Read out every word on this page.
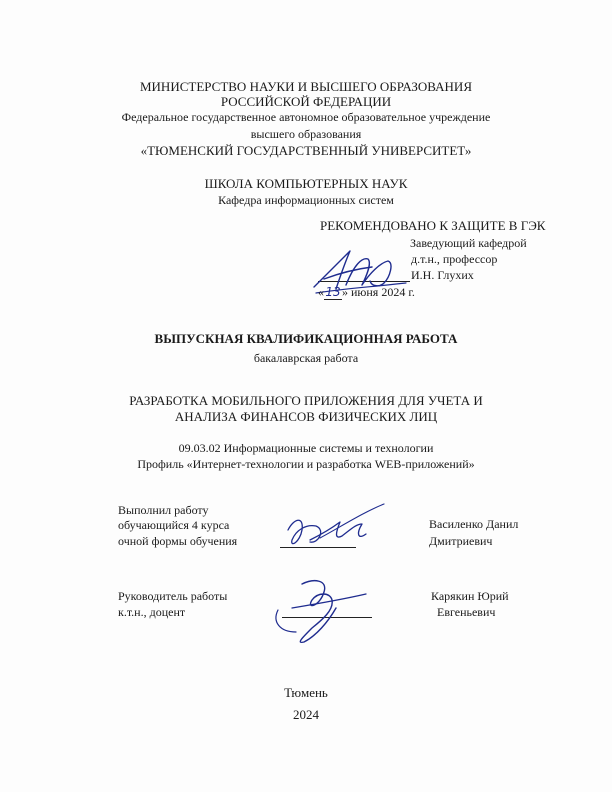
МИНИСТЕРСТВО НАУКИ И ВЫСШЕГО ОБРАЗОВАНИЯ
РОССИЙСКОЙ ФЕДЕРАЦИИ
Федеральное государственное автономное образовательное учреждение
высшего образования
«ТЮМЕНСКИЙ ГОСУДАРСТВЕННЫЙ УНИВЕРСИТЕТ»
ШКОЛА КОМПЬЮТЕРНЫХ НАУК
Кафедра информационных систем
РЕКОМЕНДОВАНО К ЗАЩИТЕ В ГЭК
Заведующий кафедрой
д.т.н., профессор
И.Н. Глухих
«13» июня 2024 г.
ВЫПУСКНАЯ КВАЛИФИКАЦИОННАЯ РАБОТА
бакалаврская работа
РАЗРАБОТКА МОБИЛЬНОГО ПРИЛОЖЕНИЯ ДЛЯ УЧЕТА И
АНАЛИЗА ФИНАНСОВ ФИЗИЧЕСКИХ ЛИЦ
09.03.02 Информационные системы и технологии
Профиль «Интернет-технологии и разработка WEB-приложений»
Выполнил работу
обучающийся 4 курса
очной формы обучения
Василенко Данил
Дмитриевич
Руководитель работы
к.т.н., доцент
Карякин Юрий
Евгеньевич
Тюмень
2024
